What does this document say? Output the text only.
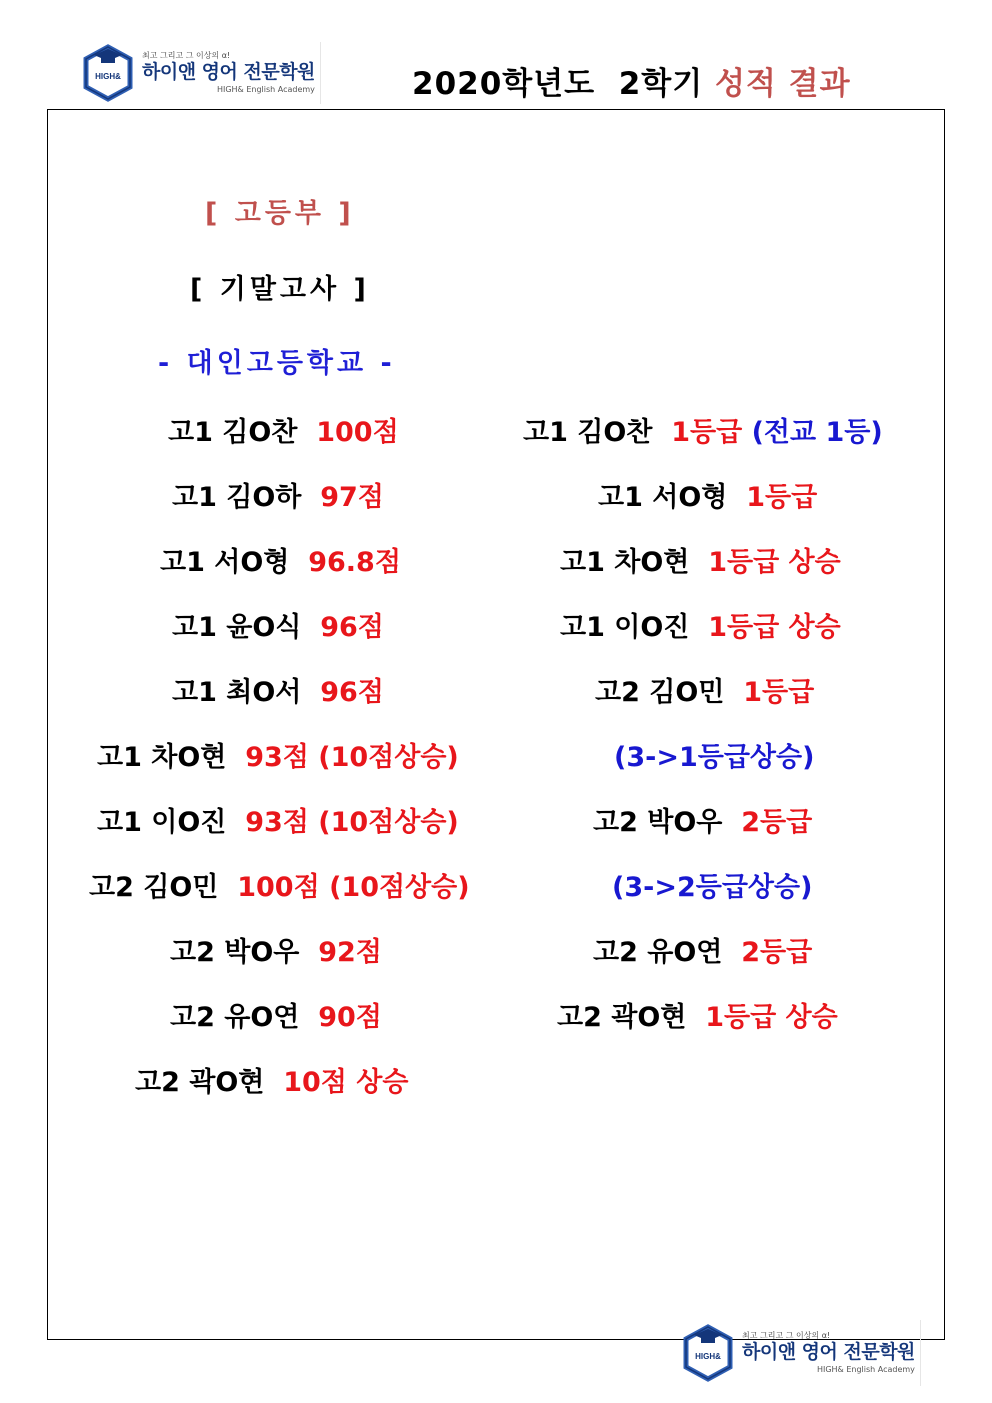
HIGH&
최고 그리고 그 이상의 α!
하이앤 영어 전문학원
HIGH& English Academy	2020학년도  2학기 성적 결과
[ 고등부 ]
[ 기말고사 ]
- 대인고등학교 -
고1 김O찬 100점
고1 김O하 97점
고1 서O형 96.8점
고1 윤O식 96점
고1 최O서 96점
고1 차O현 93점 (10점상승)
고1 이O진 93점 (10점상승)
고2 김O민 100점 (10점상승)
고2 박O우 92점
고2 유O연 90점
고2 곽O현 10점 상승
고1 김O찬 1등급 (전교 1등)
고1 서O형 1등급
고1 차O현 1등급 상승
고1 이O진 1등급 상승
고2 김O민 1등급
(3->1등급상승)
고2 박O우 2등급
(3->2등급상승)
고2 유O연 2등급
고2 곽O현 1등급 상승
HIGH&
최고 그리고 그 이상의 α!
하이앤 영어 전문학원
HIGH& English Academy
